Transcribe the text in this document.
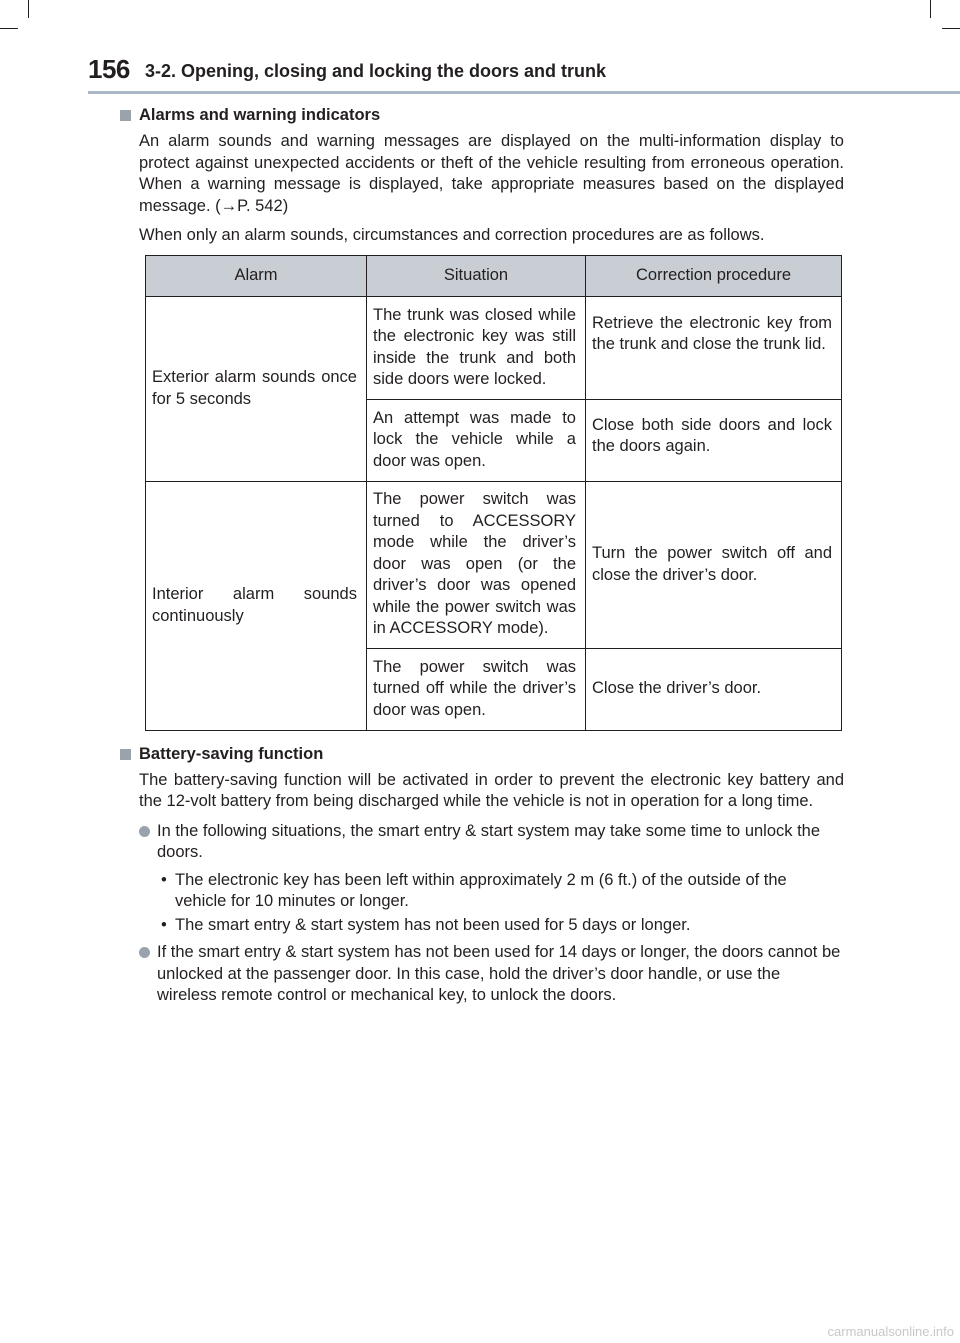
156 3-2. Opening, closing and locking the doors and trunk
Alarms and warning indicators

An alarm sounds and warning messages are displayed on the multi-information display to protect against unexpected accidents or theft of the vehicle resulting from erroneous operation. When a warning message is displayed, take appropriate measures based on the displayed message. (→P. 542)

When only an alarm sounds, circumstances and correction procedures are as follows.

Alarm	Situation	Correction procedure
Exterior alarm sounds once for 5 seconds	The trunk was closed while the electronic key was still inside the trunk and both side doors were locked.	Retrieve the electronic key from the trunk and close the trunk lid.
	An attempt was made to lock the vehicle while a door was open.	Close both side doors and lock the doors again.
Interior alarm sounds continuously	The power switch was turned to ACCESSORY mode while the driver’s door was open (or the driver’s door was opened while the power switch was in ACCESSORY mode).	Turn the power switch off and close the driver’s door.
	The power switch was turned off while the driver’s door was open.	Close the driver’s door.
Battery-saving function

The battery-saving function will be activated in order to prevent the electronic key battery and the 12-volt battery from being discharged while the vehicle is not in operation for a long time.

In the following situations, the smart entry & start system may take some time to unlock the doors.
• The electronic key has been left within approximately 2 m (6 ft.) of the outside of the vehicle for 10 minutes or longer.
• The smart entry & start system has not been used for 5 days or longer.
If the smart entry & start system has not been used for 14 days or longer, the doors cannot be unlocked at the passenger door. In this case, hold the driver’s door handle, or use the wireless remote control or mechanical key, to unlock the doors.
carmanualsonline.info
